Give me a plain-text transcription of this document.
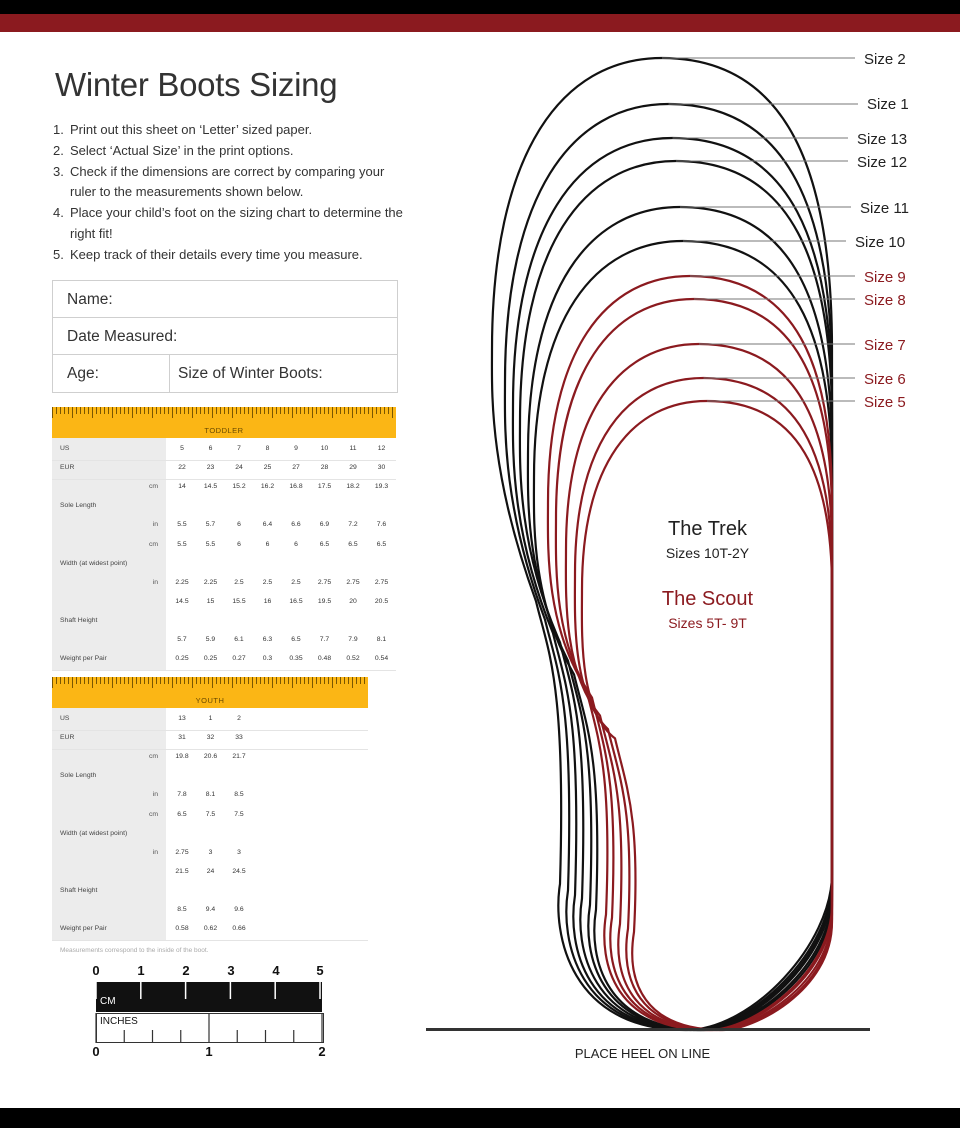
Winter Boots Sizing
1. Print out this sheet on ‘Letter’ sized paper.
2. Select ‘Actual Size’ in the print options.
3. Check if the dimensions are correct by comparing your ruler to the measurements shown below.
4. Place your child’s foot on the sizing chart to determine the right fit!
5. Keep track of their details every time you measure.
Name:
Date Measured:
Age:	Size of Winter Boots:
TODDLER
US	5	6	7	8	9	10	11	12
EUR	22	23	24	25	27	28	29	30
cm	14	14.5	15.2	16.2	16.8	17.5	18.2	19.3
Sole Length
in	5.5	5.7	6	6.4	6.6	6.9	7.2	7.6
cm	5.5	5.5	6	6	6	6.5	6.5	6.5
Width (at widest point)
in	2.25	2.25	2.5	2.5	2.5	2.75	2.75	2.75
14.5	15	15.5	16	16.5	19.5	20	20.5
Shaft Height
5.7	5.9	6.1	6.3	6.5	7.7	7.9	8.1
Weight per Pair	0.25	0.25	0.27	0.3	0.35	0.48	0.52	0.54
YOUTH
US	13	1	2
EUR	31	32	33
cm	19.8	20.6	21.7
Sole Length
in	7.8	8.1	8.5
cm	6.5	7.5	7.5
Width (at widest point)
in	2.75	3	3
21.5	24	24.5
Shaft Height
8.5	9.4	9.6
Weight per Pair	0.58	0.62	0.66
Measurements correspond to the inside of the boot.
0	1	2	3	4	5
CM
INCHES
0	1	2
Size 2
Size 1
Size 13
Size 12
Size 11
Size 10
Size 9
Size 8
Size 7
Size 6
Size 5
The Trek
Sizes 10T-2Y
The Scout
Sizes 5T- 9T
PLACE HEEL ON LINE
